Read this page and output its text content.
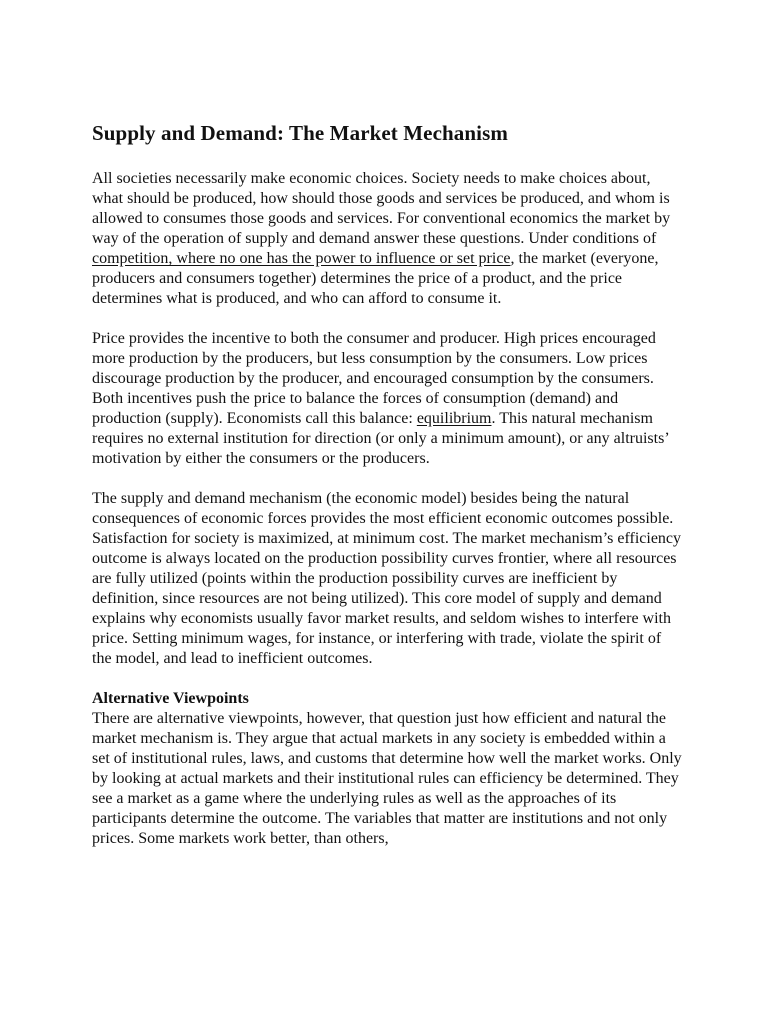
Supply and Demand: The Market Mechanism

All societies necessarily make economic choices. Society needs to make choices about, what should be produced, how should those goods and services be produced, and whom is allowed to consumes those goods and services. For conventional economics the market by way of the operation of supply and demand answer these questions. Under conditions of competition, where no one has the power to influence or set price, the market (everyone, producers and consumers together) determines the price of a product, and the price determines what is produced, and who can afford to consume it.

Price provides the incentive to both the consumer and producer. High prices encouraged more production by the producers, but less consumption by the consumers. Low prices discourage production by the producer, and encouraged consumption by the consumers. Both incentives push the price to balance the forces of consumption (demand) and production (supply). Economists call this balance: equilibrium. This natural mechanism requires no external institution for direction (or only a minimum amount), or any altruists’ motivation by either the consumers or the producers.

The supply and demand mechanism (the economic model) besides being the natural consequences of economic forces provides the most efficient economic outcomes possible. Satisfaction for society is maximized, at minimum cost. The market mechanism’s efficiency outcome is always located on the production possibility curves frontier, where all resources are fully utilized (points within the production possibility curves are inefficient by definition, since resources are not being utilized). This core model of supply and demand explains why economists usually favor market results, and seldom wishes to interfere with price. Setting minimum wages, for instance, or interfering with trade, violate the spirit of the model, and lead to inefficient outcomes.

Alternative Viewpoints

There are alternative viewpoints, however, that question just how efficient and natural the market mechanism is. They argue that actual markets in any society is embedded within a set of institutional rules, laws, and customs that determine how well the market works. Only by looking at actual markets and their institutional rules can efficiency be determined. They see a market as a game where the underlying rules as well as the approaches of its participants determine the outcome. The variables that matter are institutions and not only prices. Some markets work better, than others,
